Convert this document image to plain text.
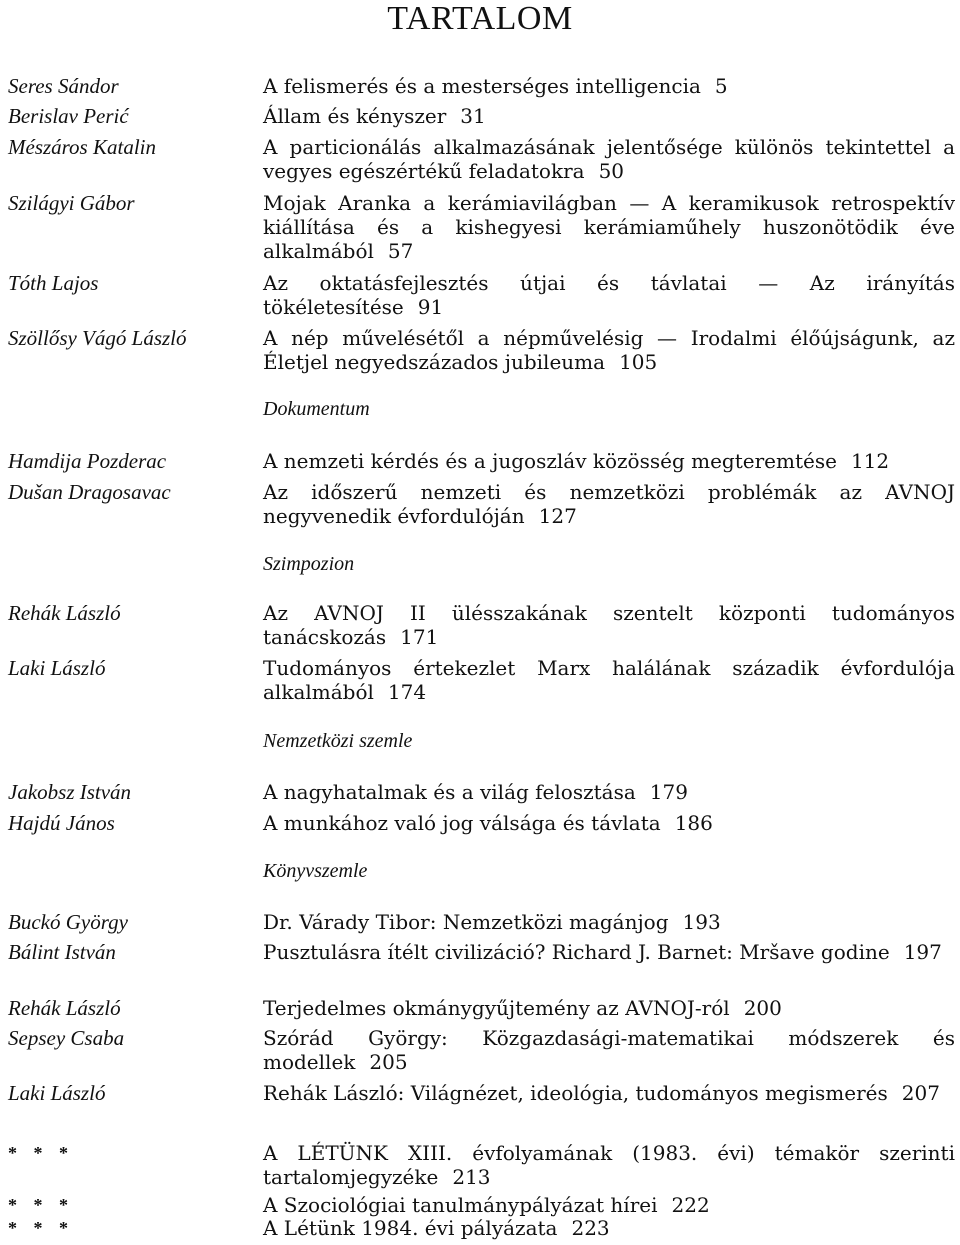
TARTALOM
Seres Sándor	A felismerés és a mesterséges intelligencia 5
Berislav Perić	Állam és kényszer 31
Mészáros Katalin	A particionálás alkalmazásának jelentősége különös tekintettel a vegyes egészértékű feladatokra 50
Szilágyi Gábor	Mojak Aranka a kerámiavilágban — A keramikusok retrospektív kiállítása és a kishegyesi kerámiaműhely huszonötödik éve alkalmából 57
Tóth Lajos	Az oktatásfejlesztés útjai és távlatai — Az irányítás tökéletesítése 91
Szöllősy Vágó László	A nép művelésétől a népművelésig — Irodalmi élőújságunk, az Életjel negyedszázados jubileuma 105
Dokumentum
Hamdija Pozderac	A nemzeti kérdés és a jugoszláv közösség megteremtése 112
Dušan Dragosavac	Az időszerű nemzeti és nemzetközi problémák az AVNOJ negyvenedik évfordulóján 127
Szimpozion
Rehák László	Az AVNOJ II ülésszakának szentelt központi tudományos tanácskozás 171
Laki László	Tudományos értekezlet Marx halálának századik évfordulója alkalmából 174
Nemzetközi szemle
Jakobsz István	A nagyhatalmak és a világ felosztása 179
Hajdú János	A munkához való jog válsága és távlata 186
Könyvszemle
Buckó György	Dr. Várady Tibor: Nemzetközi magánjog 193
Bálint István	Pusztulásra ítélt civilizáció? Richard J. Barnet: Mršave godine 197
Rehák László	Terjedelmes okmánygyűjtemény az AVNOJ-ról 200
Sepsey Csaba	Szórád György: Közgazdasági-matematikai módszerek és modellek 205
Laki László	Rehák László: Világnézet, ideológia, tudományos megismerés 207
* * *	A LÉTÜNK XIII. évfolyamának (1983. évi) témakör szerinti tartalomjegyzéke 213
* * *	A Szociológiai tanulmánypályázat hírei 222
* * *	A Létünk 1984. évi pályázata 223
